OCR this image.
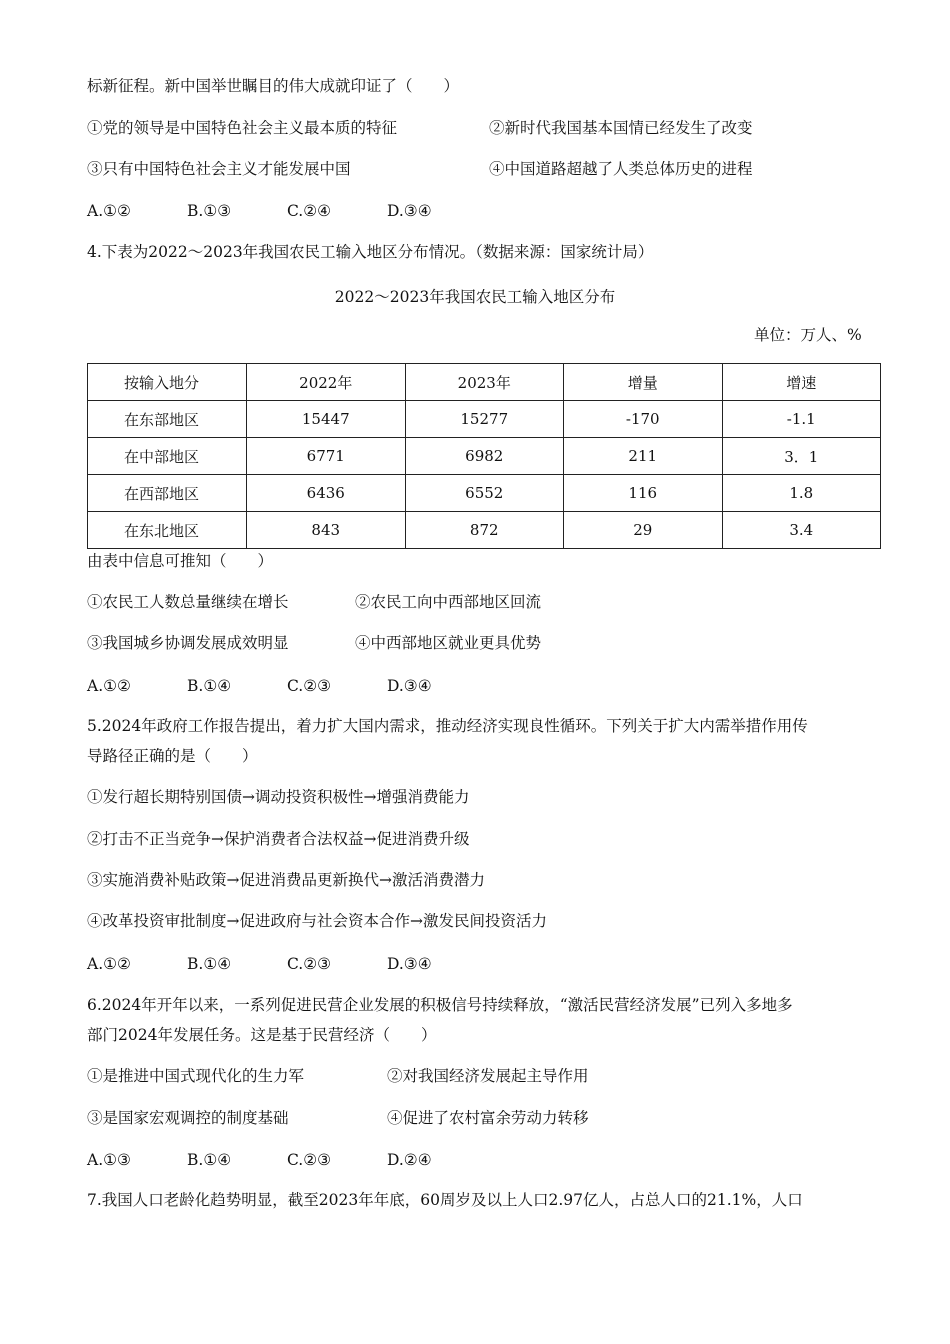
标新征程。新中国举世瞩目的伟大成就印证了（　　）
①党的领导是中国特色社会主义最本质的特征	②新时代我国基本国情已经发生了改变
③只有中国特色社会主义才能发展中国	④中国道路超越了人类总体历史的进程
A.①②	B.①③	C.②④	D.③④
4.下表为2022～2023年我国农民工输入地区分布情况。（数据来源：国家统计局）
2022～2023年我国农民工输入地区分布
单位：万人、%
按输入地分	2022年	2023年	增量	增速
在东部地区	15447	15277	-170	-1.1
在中部地区	6771	6982	211	3．1
在西部地区	6436	6552	116	1.8
在东北地区	843	872	29	3.4
由表中信息可推知（　　）
①农民工人数总量继续在增长	②农民工向中西部地区回流
③我国城乡协调发展成效明显	④中西部地区就业更具优势
A.①②	B.①④	C.②③	D.③④
5.2024年政府工作报告提出，着力扩大国内需求，推动经济实现良性循环。下列关于扩大内需举措作用传
导路径正确的是（　　）
①发行超长期特别国债→调动投资积极性→增强消费能力
②打击不正当竞争→保护消费者合法权益→促进消费升级
③实施消费补贴政策→促进消费品更新换代→激活消费潜力
④改革投资审批制度→促进政府与社会资本合作→激发民间投资活力
A.①②	B.①④	C.②③	D.③④
6.2024年开年以来，一系列促进民营企业发展的积极信号持续释放，“激活民营经济发展”已列入多地多
部门2024年发展任务。这是基于民营经济（　　）
①是推进中国式现代化的生力军	②对我国经济发展起主导作用
③是国家宏观调控的制度基础	④促进了农村富余劳动力转移
A.①③	B.①④	C.②③	D.②④
7.我国人口老龄化趋势明显，截至2023年年底，60周岁及以上人口2.97亿人，占总人口的21.1%，人口
